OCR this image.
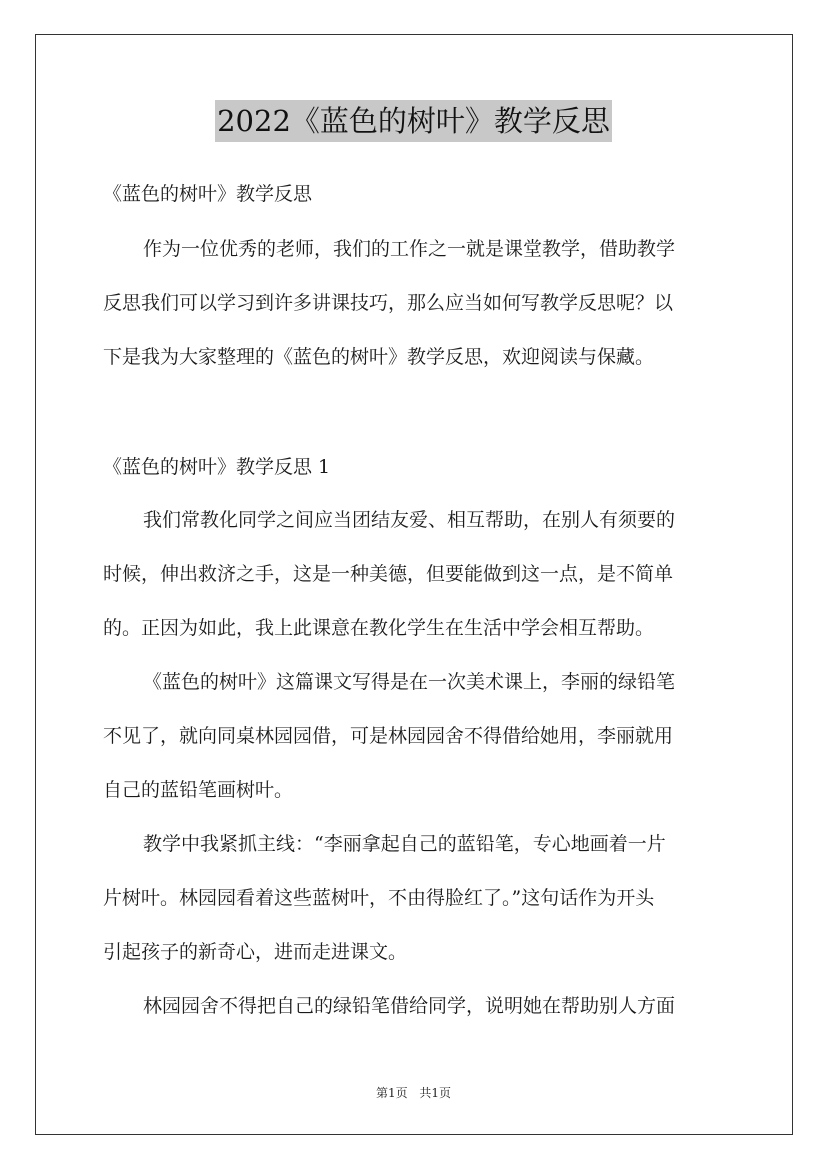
2022《蓝色的树叶》教学反思
《蓝色的树叶》教学反思
作为一位优秀的老师，我们的工作之一就是课堂教学，借助教学
反思我们可以学习到许多讲课技巧，那么应当如何写教学反思呢？以
下是我为大家整理的《蓝色的树叶》教学反思，欢迎阅读与保藏。
《蓝色的树叶》教学反思 1
我们常教化同学之间应当团结友爱、相互帮助，在别人有须要的
时候，伸出救济之手，这是一种美德，但要能做到这一点，是不简单
的。正因为如此，我上此课意在教化学生在生活中学会相互帮助。
《蓝色的树叶》这篇课文写得是在一次美术课上，李丽的绿铅笔
不见了，就向同桌林园园借，可是林园园舍不得借给她用，李丽就用
自己的蓝铅笔画树叶。
教学中我紧抓主线：“李丽拿起自己的蓝铅笔，专心地画着一片
片树叶。林园园看着这些蓝树叶，不由得脸红了。”这句话作为开头
引起孩子的新奇心，进而走进课文。
林园园舍不得把自己的绿铅笔借给同学，说明她在帮助别人方面
第1页 共1页
